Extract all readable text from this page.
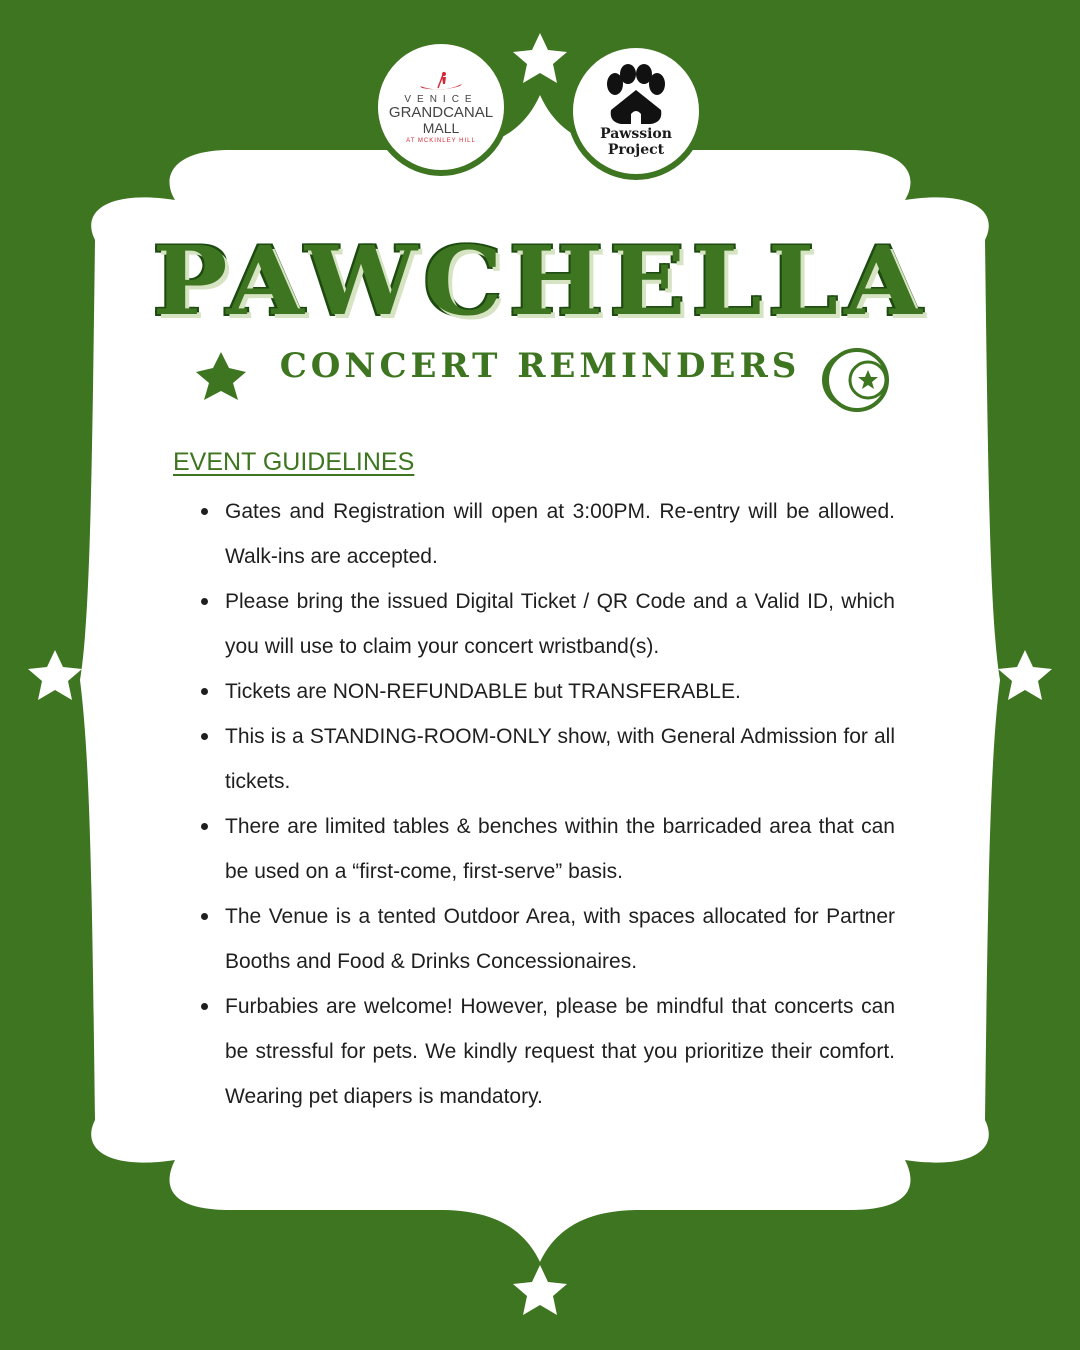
VENICE
GRANDCANAL
MALL
AT MCKINLEY HILL	Pawssion
Project
PAWCHELLA
CONCERT REMINDERS
EVENT GUIDELINES
Gates and Registration will open at 3:00PM. Re-entry will be allowed. Walk-ins are accepted.
Please bring the issued Digital Ticket / QR Code and a Valid ID, which you will use to claim your concert wristband(s).
Tickets are NON-REFUNDABLE but TRANSFERABLE.
This is a STANDING-ROOM-ONLY show, with General Admission for all tickets.
There are limited tables & benches within the barricaded area that can be used on a “first-come, first-serve” basis.
The Venue is a tented Outdoor Area, with spaces allocated for Partner Booths and Food & Drinks Concessionaires.
Furbabies are welcome! However, please be mindful that concerts can be stressful for pets. We kindly request that you prioritize their comfort. Wearing pet diapers is mandatory.
